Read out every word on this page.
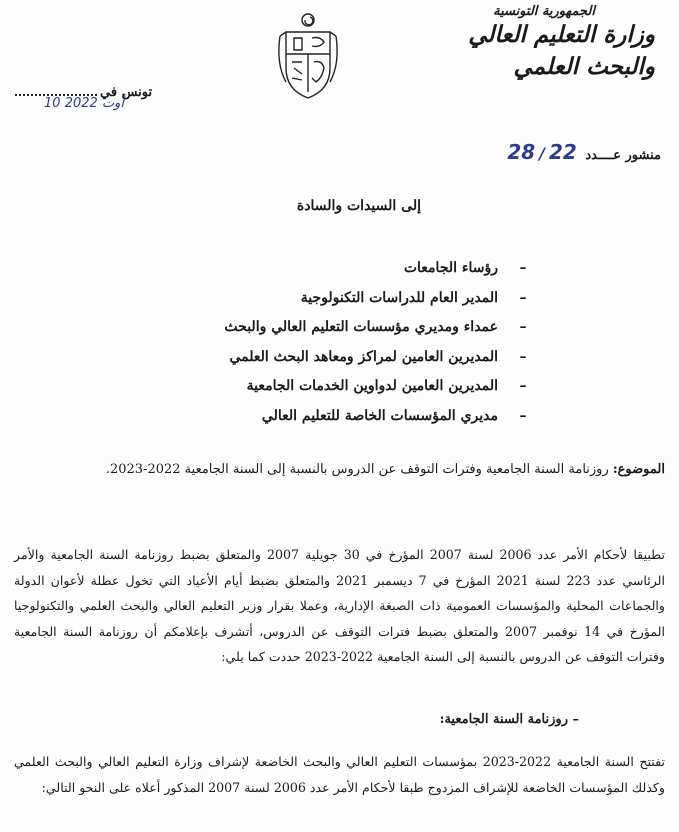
الجمهورية التونسية
وزارة التعليم العالي
والبحث العلمي
تونس في
10 أوت 2022
منشور عــــدد 28 / 22
إلى السيدات والسادة
–رؤساء الجامعات
–المدير العام للدراسات التكنولوجية
–عمداء ومديري مؤسسات التعليم العالي والبحث
–المديرين العامين لمراكز ومعاهد البحث العلمي
–المديرين العامين لدواوين الخدمات الجامعية
–مديري المؤسسات الخاصة للتعليم العالي
الموضوع: روزنامة السنة الجامعية وفترات التوقف عن الدروس بالنسبة إلى السنة الجامعية 2022-2023.
تطبيقا لأحكام الأمر عدد 2006 لسنة 2007 المؤرخ في 30 جويلية 2007 والمتعلق بضبط روزنامة السنة الجامعية والأمر الرئاسي عدد 223 لسنة 2021 المؤرخ في 7 ديسمبر 2021 والمتعلق بضبط أيام الأعياد التي تخول عطلة لأعوان الدولة والجماعات المحلية والمؤسسات العمومية ذات الصبغة الإدارية، وعملا بقرار وزير التعليم العالي والبحث العلمي والتكنولوجيا المؤرخ في 14 نوفمبر 2007 والمتعلق بضبط فترات التوقف عن الدروس، أتشرف بإعلامكم أن روزنامة السنة الجامعية وفترات التوقف عن الدروس بالنسبة إلى السنة الجامعية 2022-2023 حددت كما يلي:
– روزنامة السنة الجامعية:
تفتتح السنة الجامعية 2022-2023 بمؤسسات التعليم العالي والبحث الخاضعة لإشراف وزارة التعليم العالي والبحث العلمي وكذلك المؤسسات الخاضعة للإشراف المزدوج طبقا لأحكام الأمر عدد 2006 لسنة 2007 المذكور أعلاه على النحو التالي:
